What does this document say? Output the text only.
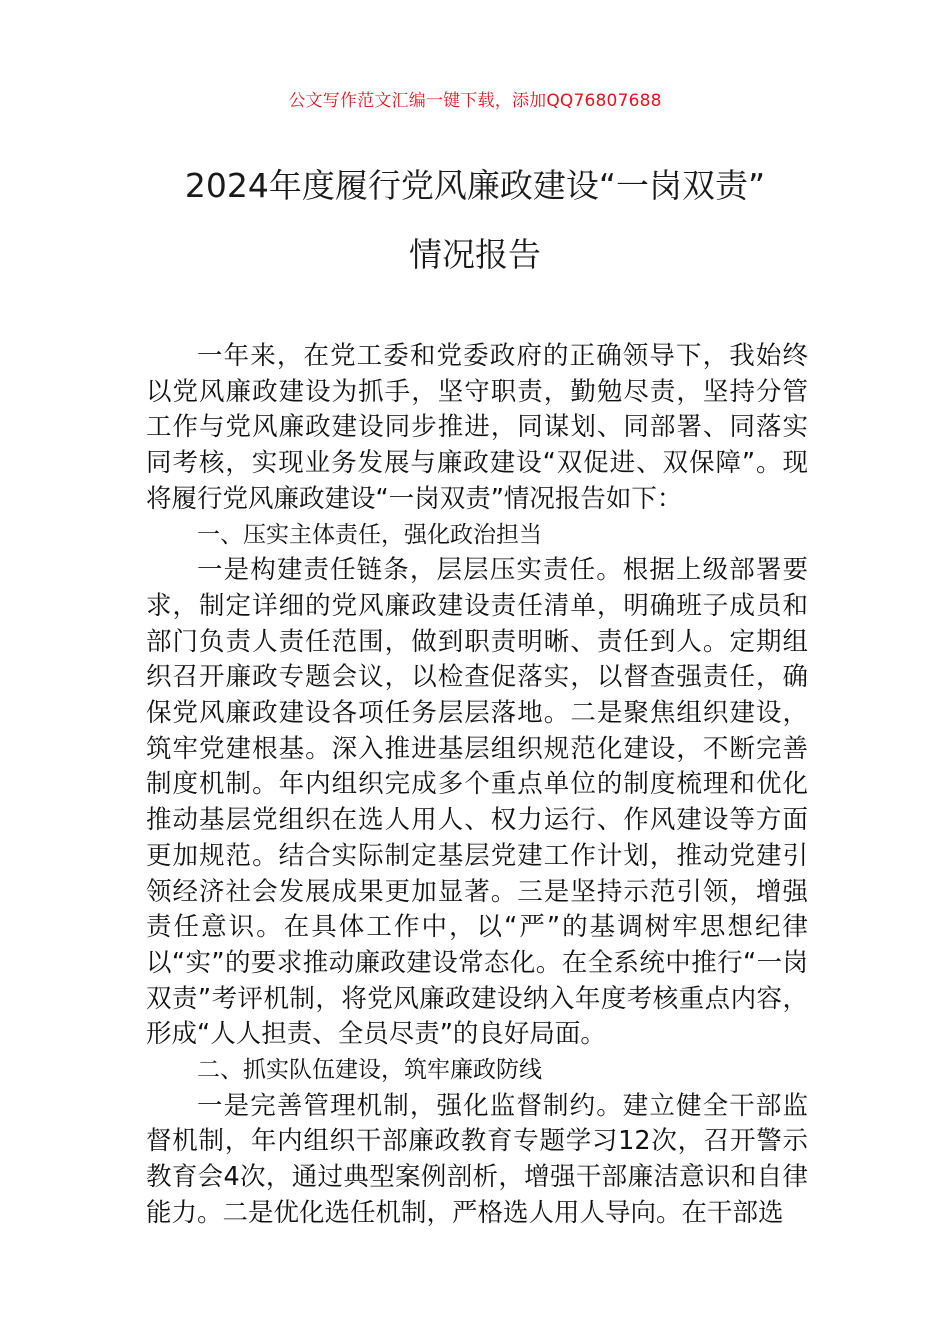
公文写作范文汇编一键下载，添加QQ76807688
2024年度履行党风廉政建设“一岗双责”
情况报告

一年来，在党工委和党委政府的正确领导下，我始终以党风廉政建设为抓手，坚守职责，勤勉尽责，坚持分管工作与党风廉政建设同步推进，同谋划、同部署、同落实同考核，实现业务发展与廉政建设“双促进、双保障”。现将履行党风廉政建设“一岗双责”情况报告如下：

一、压实主体责任，强化政治担当

一是构建责任链条，层层压实责任。根据上级部署要求，制定详细的党风廉政建设责任清单，明确班子成员和部门负责人责任范围，做到职责明晰、责任到人。定期组织召开廉政专题会议，以检查促落实，以督查强责任，确保党风廉政建设各项任务层层落地。二是聚焦组织建设，筑牢党建根基。深入推进基层组织规范化建设，不断完善制度机制。年内组织完成多个重点单位的制度梳理和优化推动基层党组织在选人用人、权力运行、作风建设等方面更加规范。结合实际制定基层党建工作计划，推动党建引领经济社会发展成果更加显著。三是坚持示范引领，增强责任意识。在具体工作中，以“严”的基调树牢思想纪律以“实”的要求推动廉政建设常态化。在全系统中推行“一岗双责”考评机制，将党风廉政建设纳入年度考核重点内容，形成“人人担责、全员尽责”的良好局面。

二、抓实队伍建设，筑牢廉政防线

一是完善管理机制，强化监督制约。建立健全干部监督机制，年内组织干部廉政教育专题学习12次，召开警示教育会4次，通过典型案例剖析，增强干部廉洁意识和自律能力。二是优化选任机制，严格选人用人导向。在干部选
